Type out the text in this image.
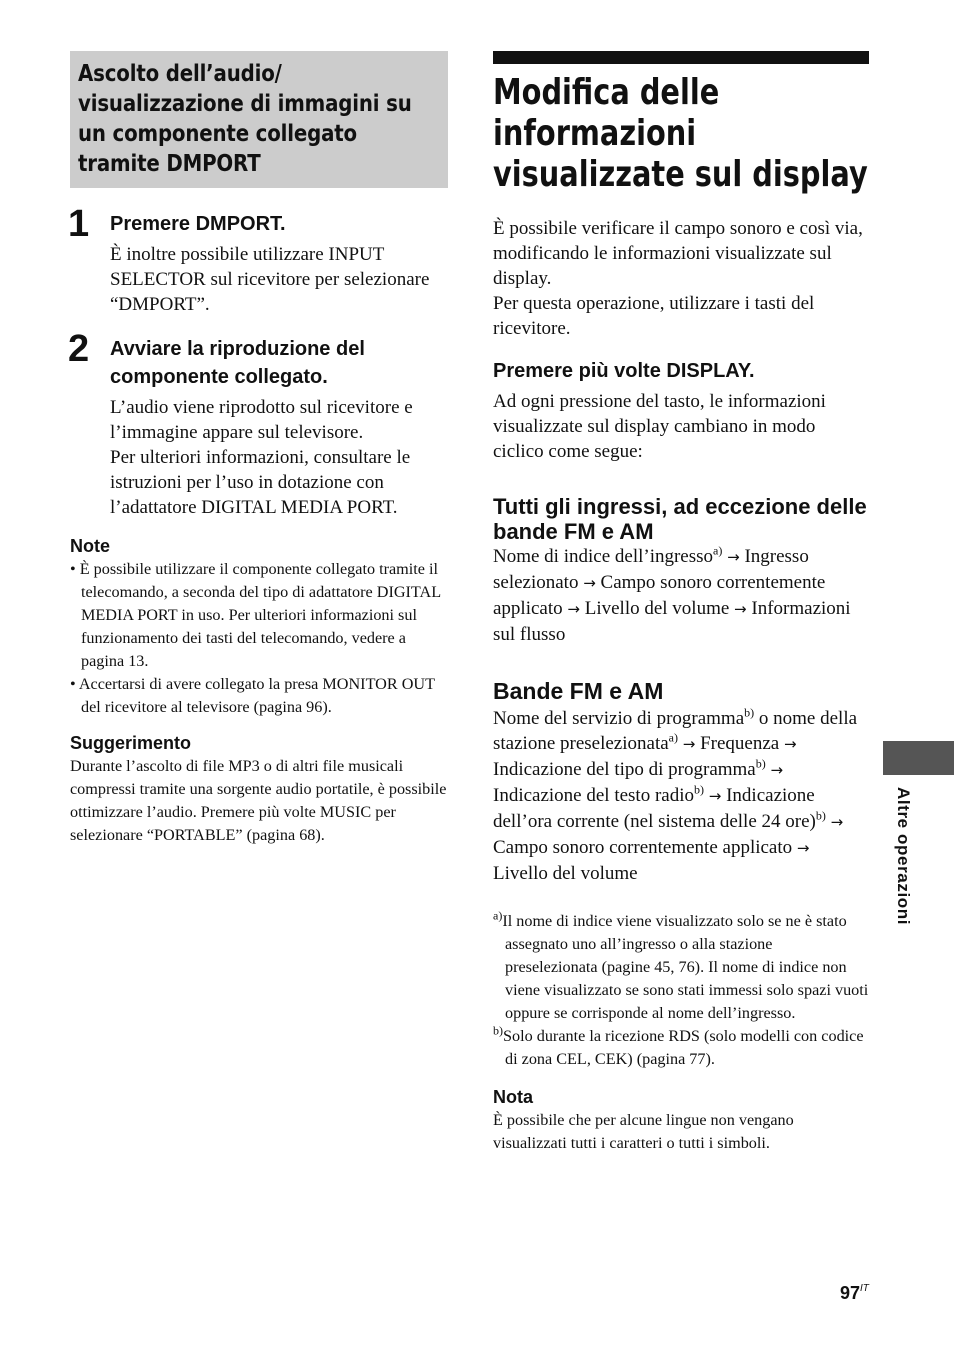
Ascolto dell’audio/ visualizzazione di immagini su un componente collegato tramite DMPORT
1 Premere DMPORT.

È inoltre possibile utilizzare INPUT SELECTOR sul ricevitore per selezionare “DMPORT”.

2 Avviare la riproduzione del componente collegato.

L’audio viene riprodotto sul ricevitore e l’immagine appare sul televisore.

Per ulteriori informazioni, consultare le istruzioni per l’uso in dotazione con l’adattatore DIGITAL MEDIA PORT.

Note

• È possibile utilizzare il componente collegato tramite il telecomando, a seconda del tipo di adattatore DIGITAL MEDIA PORT in uso. Per ulteriori informazioni sul funzionamento dei tasti del telecomando, vedere a pagina 13.

• Accertarsi di avere collegato la presa MONITOR OUT del ricevitore al televisore (pagina 96).

Suggerimento

Durante l’ascolto di file MP3 o di altri file musicali compressi tramite una sorgente audio portatile, è possibile ottimizzare l’audio. Premere più volte MUSIC per selezionare “PORTABLE” (pagina 68).

Modifica delle informazioni visualizzate sul display

È possibile verificare il campo sonoro e così via, modificando le informazioni visualizzate sul display.

Per questa operazione, utilizzare i tasti del ricevitore.

Premere più volte DISPLAY.

Ad ogni pressione del tasto, le informazioni visualizzate sul display cambiano in modo ciclico come segue:

Tutti gli ingressi, ad eccezione delle bande FM e AM

Nome di indice dell’ingresso$^{a)}$ → Ingresso selezionato → Campo sonoro correntemente applicato → Livello del volume → Informazioni sul flusso

Bande FM e AM

Nome del servizio di programma$^{b)}$ o nome della stazione preselezionata$^{a)}$ → Frequenza → Indicazione del tipo di programma$^{b)}$ → Indicazione del testo radio$^{b)}$ → Indicazione dell’ora corrente (nel sistema delle 24 ore)$^{b)}$ → Campo sonoro correntemente applicato → Livello del volume

$^{a)}$Il nome di indice viene visualizzato solo se ne è stato assegnato uno all’ingresso o alla stazione preselezionata (pagine 45, 76). Il nome di indice non viene visualizzato se sono stati immessi solo spazi vuoti oppure se corrisponde al nome dell’ingresso.

$^{b)}$Solo durante la ricezione RDS (solo modelli con codice di zona CEL, CEK) (pagina 77).

Nota

È possibile che per alcune lingue non vengano visualizzati tutti i caratteri o tutti i simboli.

Altre operazioni
$97^{IT}$
